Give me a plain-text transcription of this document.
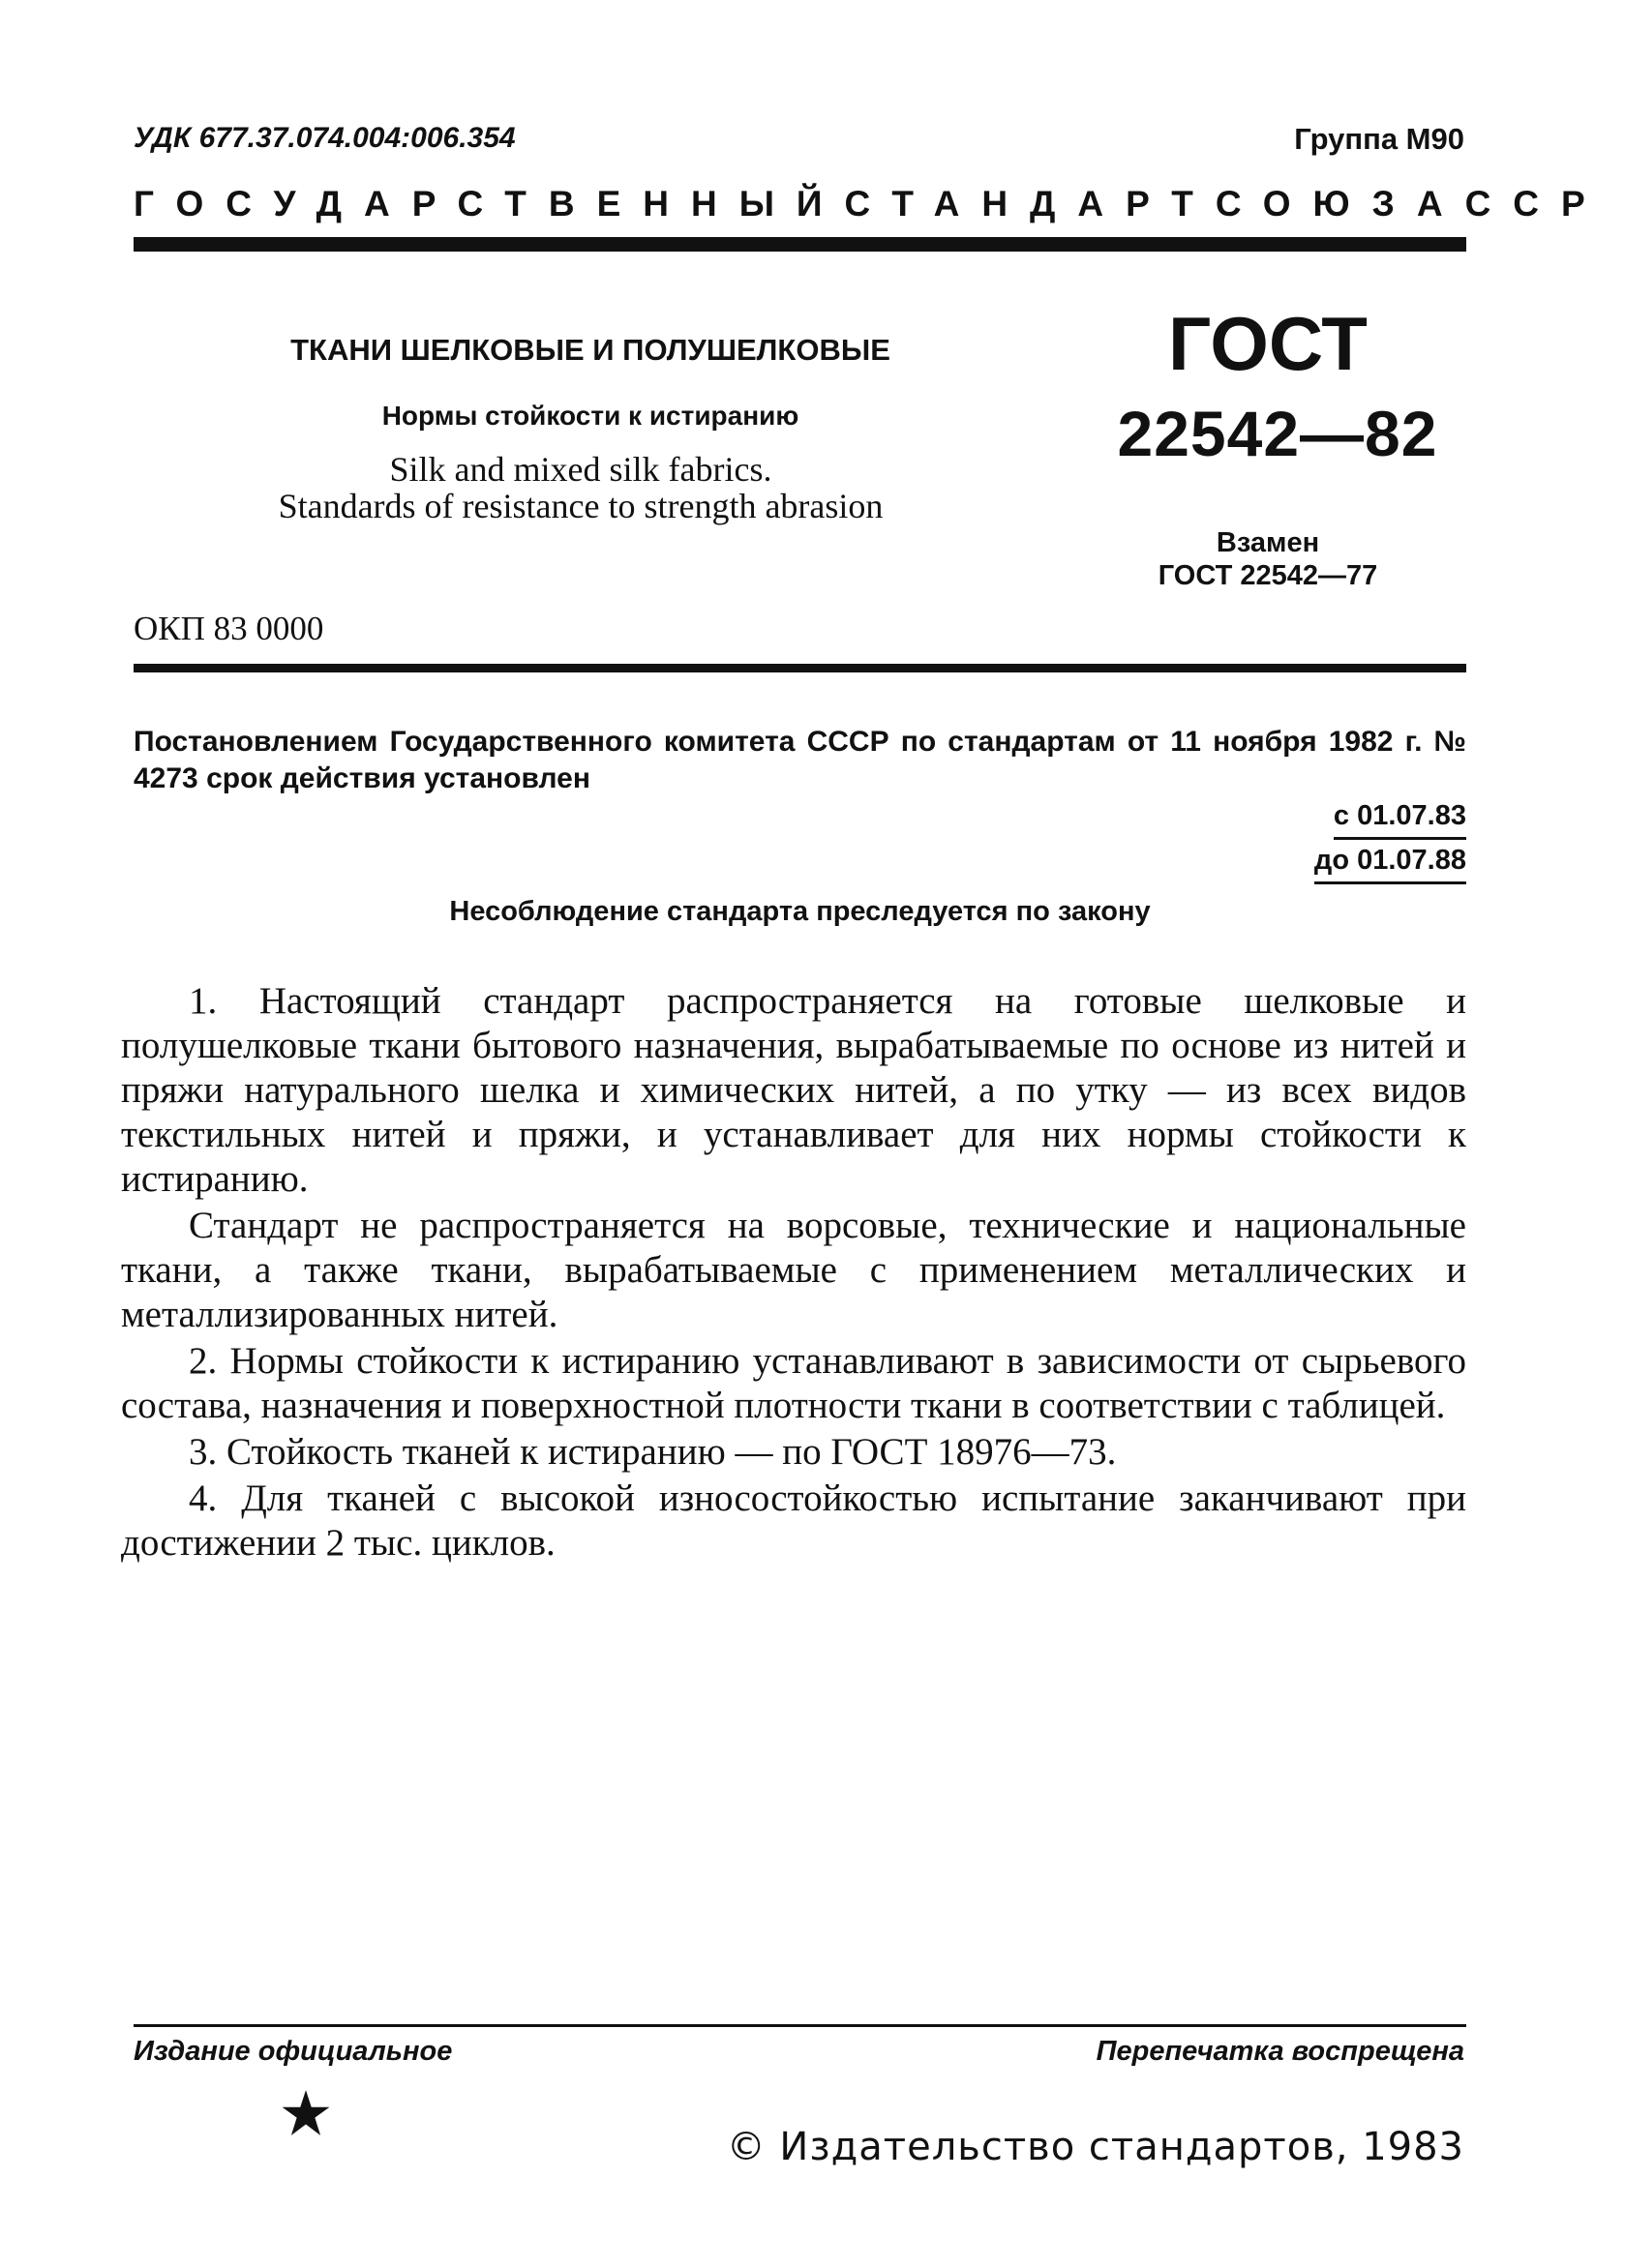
УДК 677.37.074.004:006.354	Группа М90
ГОСУДАРСТВЕННЫЙ СТАНДАРТ СОЮЗА ССР
ТКАНИ ШЕЛКОВЫЕ И ПОЛУШЕЛКОВЫЕ
Нормы стойкости к истиранию
Silk and mixed silk fabrics.
Standards of resistance to strength abrasion
ГОСТ
22542—82
Взамен
ГОСТ 22542—77
ОКП 83 0000
Постановлением Государственного комитета СССР по стандартам от 11 ноября 1982 г. № 4273 срок действия установлен
с 01.07.83
до 01.07.88
Несоблюдение стандарта преследуется по закону

1. Настоящий стандарт распространяется на готовые шелковые и полушелковые ткани бытового назначения, вырабатываемые по основе из нитей и пряжи натурального шелка и химических нитей, а по утку — из всех видов текстильных нитей и пряжи, и устанавливает для них нормы стойкости к истиранию.

Стандарт не распространяется на ворсовые, технические и национальные ткани, а также ткани, вырабатываемые с применением металлических и металлизированных нитей.

2. Нормы стойкости к истиранию устанавливают в зависимости от сырьевого состава, назначения и поверхностной плотности ткани в соответствии с таблицей.

3. Стойкость тканей к истиранию — по ГОСТ 18976—73.

4. Для тканей с высокой износостойкостью испытание заканчивают при достижении 2 тыс. циклов.

Издание официальное	Перепечатка воспрещена
© Издательство стандартов, 1983
